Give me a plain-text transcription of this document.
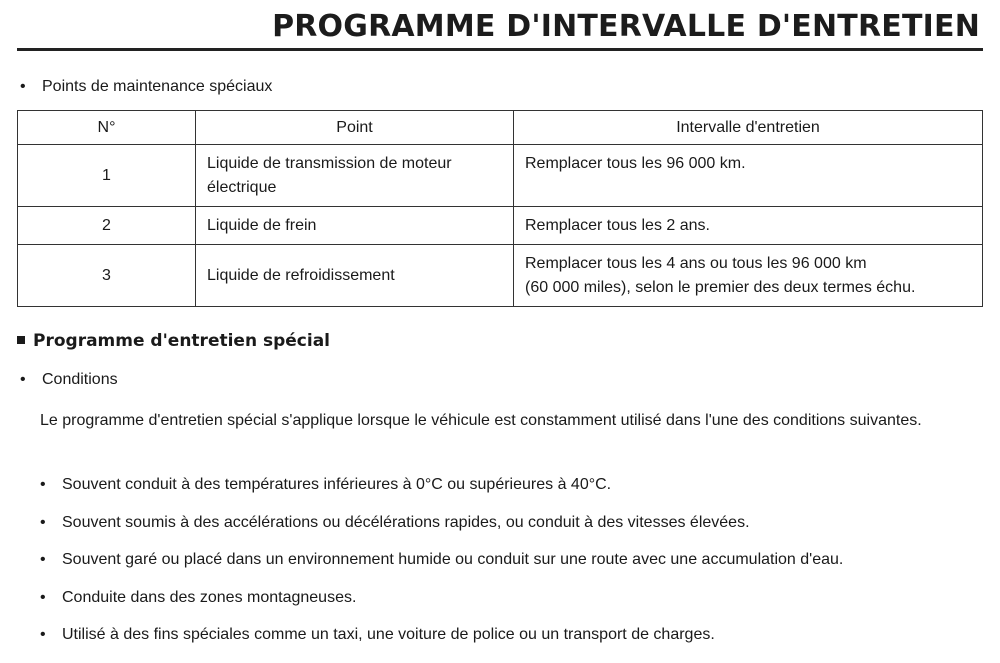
PROGRAMME D'INTERVALLE D'ENTRETIEN
• Points de maintenance spéciaux
N°	Point	Intervalle d'entretien
1	Liquide de transmission de moteur électrique	Remplacer tous les 96 000 km.
2	Liquide de frein	Remplacer tous les 2 ans.
3	Liquide de refroidissement	Remplacer tous les 4 ans ou tous les 96 000 km
(60 000 miles), selon le premier des deux termes échu.
Programme d'entretien spécial
• Conditions

Le programme d'entretien spécial s'applique lorsque le véhicule est constamment utilisé dans l'une des conditions suivantes.

• Souvent conduit à des températures inférieures à 0°C ou supérieures à 40°C.
• Souvent soumis à des accélérations ou décélérations rapides, ou conduit à des vitesses élevées.
• Souvent garé ou placé dans un environnement humide ou conduit sur une route avec une accumulation d'eau.
• Conduite dans des zones montagneuses.
• Utilisé à des fins spéciales comme un taxi, une voiture de police ou un transport de charges.
